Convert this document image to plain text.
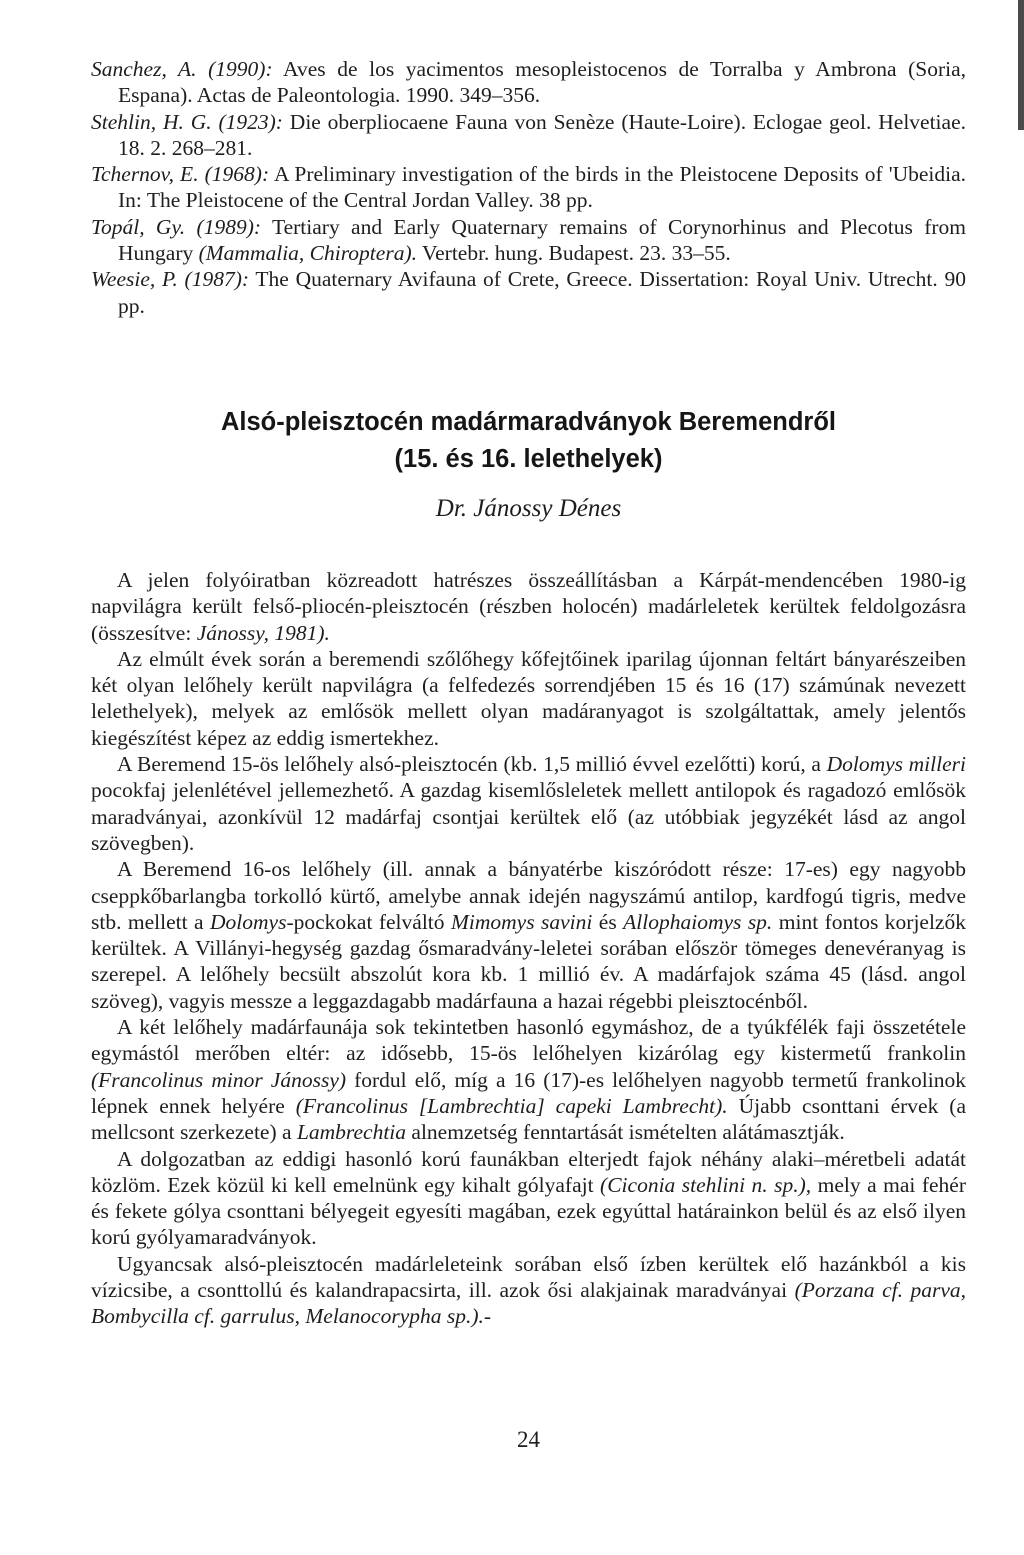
Sanchez, A. (1990): Aves de los yacimentos mesopleistocenos de Torralba y Ambrona (Soria, Espana). Actas de Paleontologia. 1990. 349–356.

Stehlin, H. G. (1923): Die oberpliocaene Fauna von Senèze (Haute-Loire). Eclogae geol. Helvetiae. 18. 2. 268–281.

Tchernov, E. (1968): A Preliminary investigation of the birds in the Pleistocene Deposits of 'Ubeidia. In: The Pleistocene of the Central Jordan Valley. 38 pp.

Topál, Gy. (1989): Tertiary and Early Quaternary remains of Corynorhinus and Plecotus from Hungary (Mammalia, Chiroptera). Vertebr. hung. Budapest. 23. 33–55.

Weesie, P. (1987): The Quaternary Avifauna of Crete, Greece. Dissertation: Royal Univ. Utrecht. 90 pp.

Alsó-pleisztocén madármaradványok Beremendről
(15. és 16. lelethelyek)

Dr. Jánossy Dénes

A jelen folyóiratban közreadott hatrészes összeállításban a Kárpát-mendencében 1980-ig napvilágra került felső-pliocén-pleisztocén (részben holocén) madárleletek kerültek feldolgozásra (összesítve: Jánossy, 1981).

Az elmúlt évek során a beremendi szőlőhegy kőfejtőinek iparilag újonnan feltárt bányarészeiben két olyan lelőhely került napvilágra (a felfedezés sorrendjében 15 és 16 (17) számúnak nevezett lelethelyek), melyek az emlősök mellett olyan madáranyagot is szolgáltattak, amely jelentős kiegészítést képez az eddig ismertekhez.

A Beremend 15-ös lelőhely alsó-pleisztocén (kb. 1,5 millió évvel ezelőtti) korú, a Dolomys milleri pocokfaj jelenlétével jellemezhető. A gazdag kisemlősleletek mellett antilopok és ragadozó emlősök maradványai, azonkívül 12 madárfaj csontjai kerültek elő (az utóbbiak jegyzékét lásd az angol szövegben).

A Beremend 16-os lelőhely (ill. annak a bányatérbe kiszóródott része: 17-es) egy nagyobb cseppkőbarlangba torkolló kürtő, amelybe annak idején nagyszámú antilop, kardfogú tigris, medve stb. mellett a Dolomys-pockokat felváltó Mimomys savini és Allophaiomys sp. mint fontos korjelzők kerültek. A Villányi-hegység gazdag ősmaradvány-leletei sorában először tömeges denevéranyag is szerepel. A lelőhely becsült abszolút kora kb. 1 millió év. A madárfajok száma 45 (lásd. angol szöveg), vagyis messze a leggazdagabb madárfauna a hazai régebbi pleisztocénből.

A két lelőhely madárfaunája sok tekintetben hasonló egymáshoz, de a tyúkfélék faji összetétele egymástól merőben eltér: az idősebb, 15-ös lelőhelyen kizárólag egy kistermetű frankolin (Francolinus minor Jánossy) fordul elő, míg a 16 (17)-es lelőhelyen nagyobb termetű frankolinok lépnek ennek helyére (Francolinus [Lambrechtia] capeki Lambrecht). Újabb csonttani érvek (a mellcsont szerkezete) a Lambrechtia alnemzetség fenntartását ismételten alátámasztják.

A dolgozatban az eddigi hasonló korú faunákban elterjedt fajok néhány alaki–méretbeli adatát közlöm. Ezek közül ki kell emelnünk egy kihalt gólyafajt (Ciconia stehlini n. sp.), mely a mai fehér és fekete gólya csonttani bélyegeit egyesíti magában, ezek egyúttal határainkon belül és az első ilyen korú gyólyamaradványok.

Ugyancsak alsó-pleisztocén madárleleteink sorában első ízben kerültek elő hazánkból a kis vízicsibe, a csonttollú és kalandrapacsirta, ill. azok ősi alakjainak maradványai (Porzana cf. parva, Bombycilla cf. garrulus, Melanocorypha sp.).-

24
